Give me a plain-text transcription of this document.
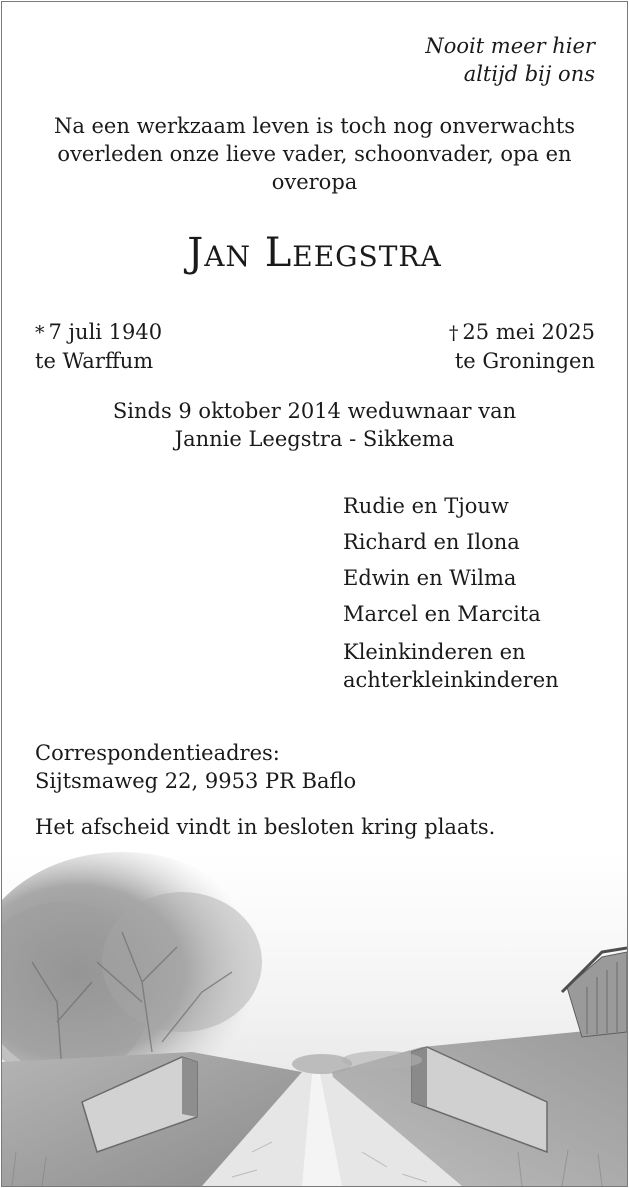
Nooit meer hier
altijd bij ons
Na een werkzaam leven is toch nog onverwachts
overleden onze lieve vader, schoonvader, opa en
overopa
Jan Leegstra
* 7 juli 1940
te Warffum
† 25 mei 2025
te Groningen
Sinds 9 oktober 2014 weduwnaar van
Jannie Leegstra - Sikkema
Rudie en Tjouw
Richard en Ilona
Edwin en Wilma
Marcel en Marcita
Kleinkinderen en
achterkleinkinderen
Correspondentieadres:
Sijtsmaweg 22, 9953 PR Baflo
Het afscheid vindt in besloten kring plaats.
